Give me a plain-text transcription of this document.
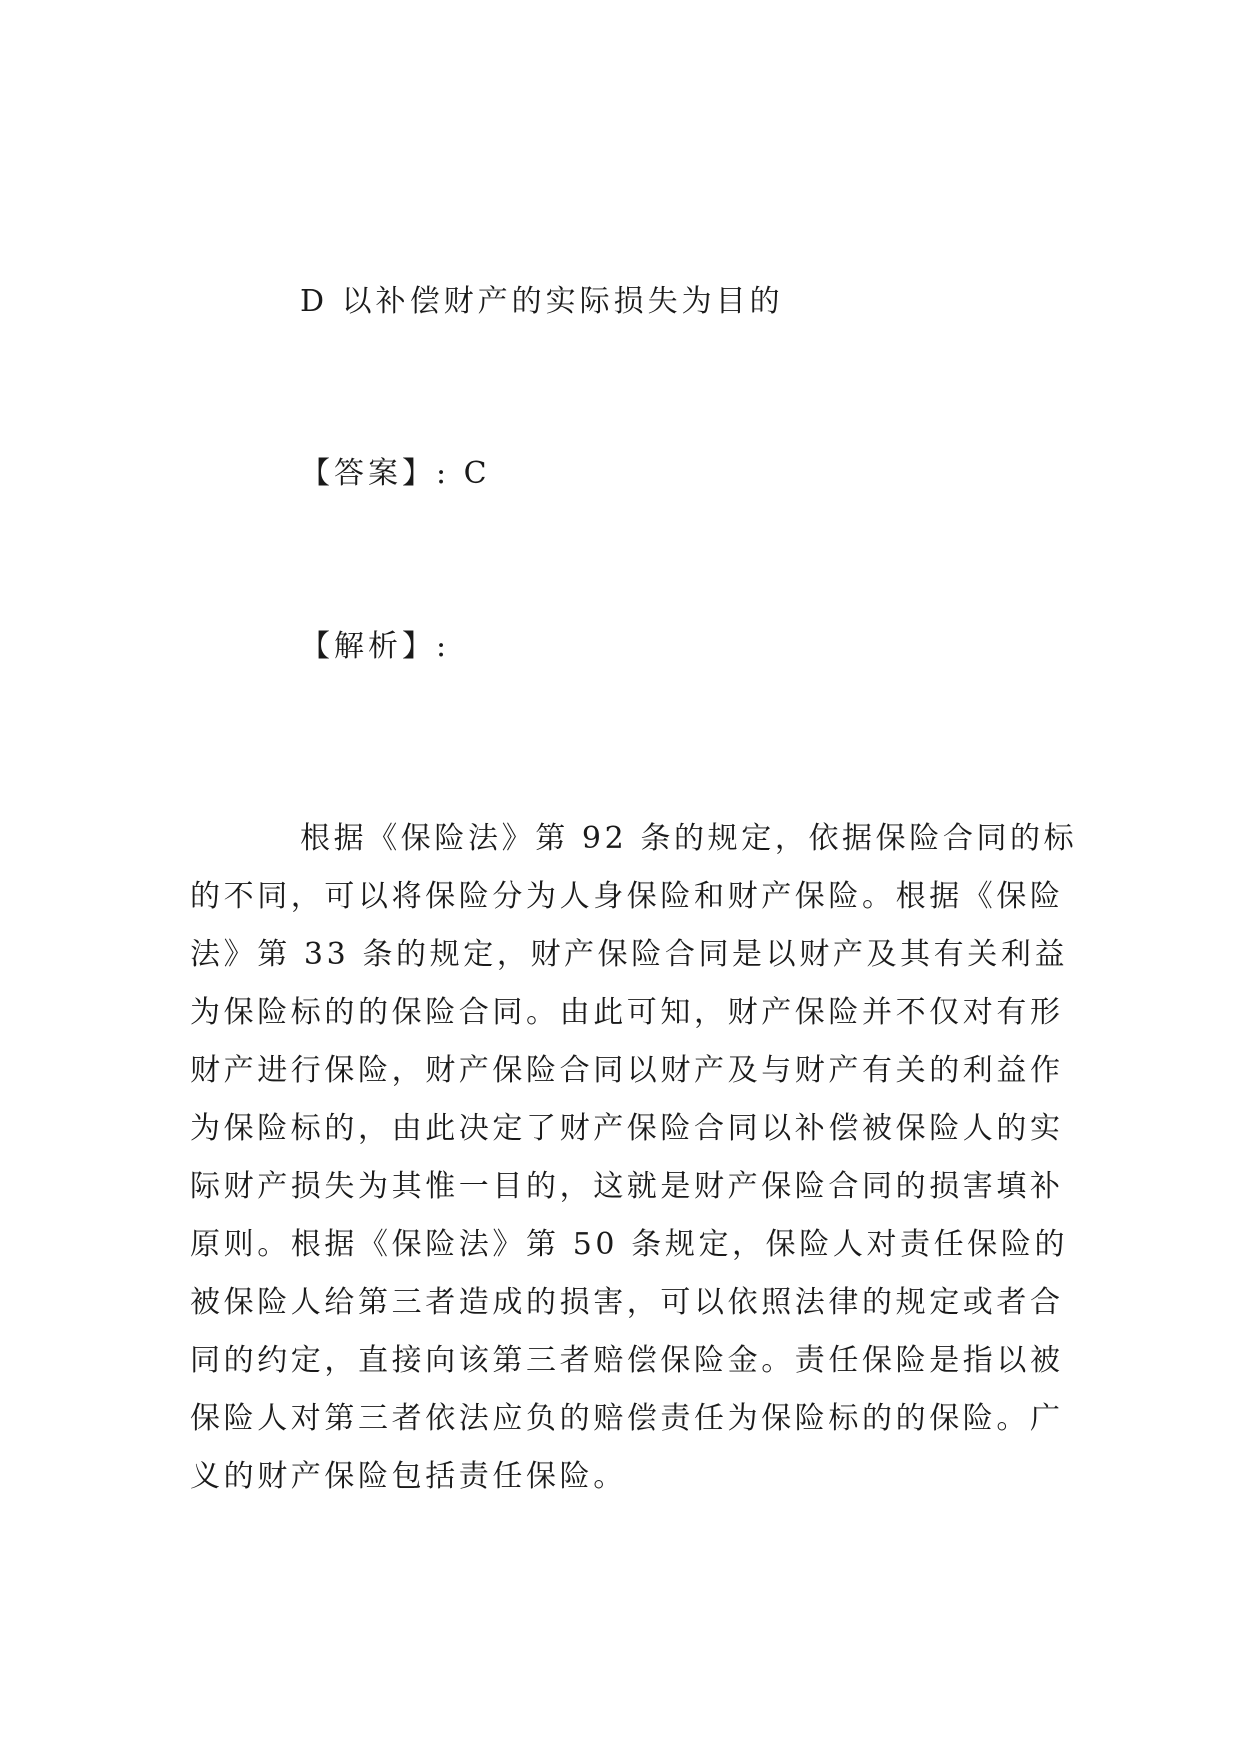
D 以补偿财产的实际损失为目的
【答案】: C
【解析】:
根据《保险法》第 92 条的规定，依据保险合同的标
的不同，可以将保险分为人身保险和财产保险。根据《保险
法》第 33 条的规定，财产保险合同是以财产及其有关利益
为保险标的的保险合同。由此可知，财产保险并不仅对有形
财产进行保险，财产保险合同以财产及与财产有关的利益作
为保险标的，由此决定了财产保险合同以补偿被保险人的实
际财产损失为其惟一目的，这就是财产保险合同的损害填补
原则。根据《保险法》第 50 条规定，保险人对责任保险的
被保险人给第三者造成的损害，可以依照法律的规定或者合
同的约定，直接向该第三者赔偿保险金。责任保险是指以被
保险人对第三者依法应负的赔偿责任为保险标的的保险。广
义的财产保险包括责任保险。
